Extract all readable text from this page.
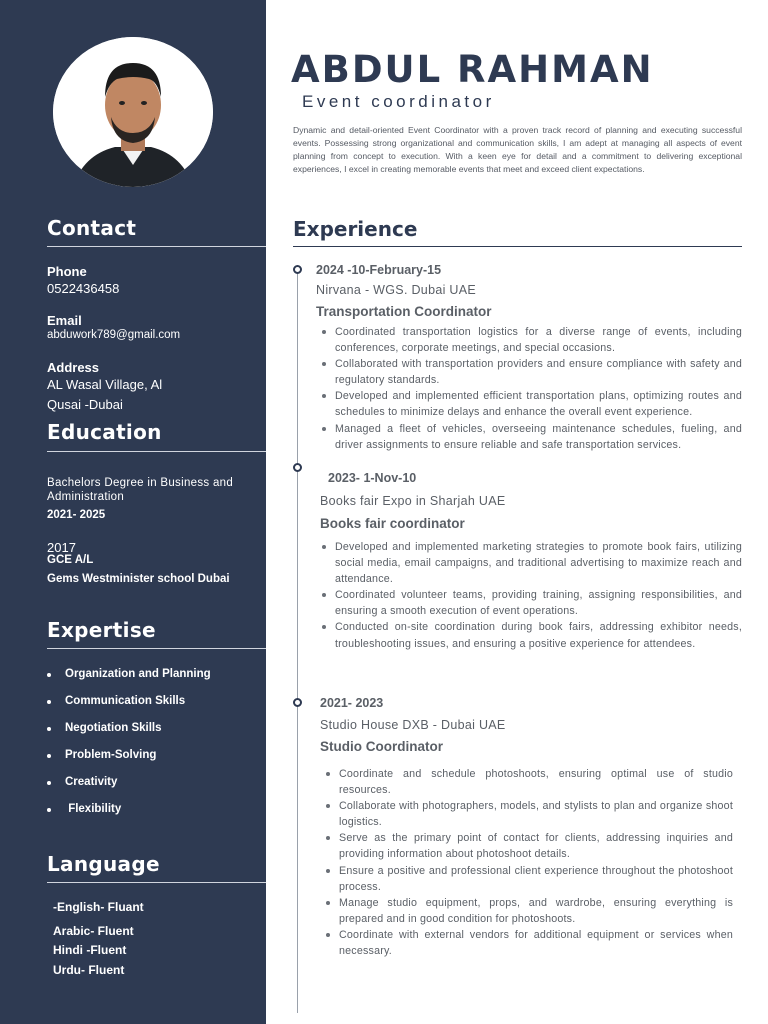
Contact
Phone
0522436458
Email
abduwork789@gmail.com
Address
AL Wasal Village, Al
Qusai -Dubai
Education
Bachelors Degree in Business and Administration
2021- 2025
2017
GCE A/L
Gems Westminister school Dubai
Expertise
Organization and Planning
Communication Skills
Negotiation Skills
Problem-Solving
Creativity
Flexibility
Language
-English- Fluant
Arabic- Fluent
Hindi -Fluent
Urdu- Fluent
ABDUL RAHMAN
Event coordinator

Dynamic and detail-oriented Event Coordinator with a proven track record of planning and executing successful events. Possessing strong organizational and communication skills, I am adept at managing all aspects of event planning from concept to execution. With a keen eye for detail and a commitment to delivering exceptional experiences, I excel in creating memorable events that meet and exceed client expectations.

Experience
2024 -10-February-15
Nirvana - WGS. Dubai UAE
Transportation Coordinator
Coordinated transportation logistics for a diverse range of events, including conferences, corporate meetings, and special occasions.
Collaborated with transportation providers and ensure compliance with safety and regulatory standards.
Developed and implemented efficient transportation plans, optimizing routes and schedules to minimize delays and enhance the overall event experience.
Managed a fleet of vehicles, overseeing maintenance schedules, fueling, and driver assignments to ensure reliable and safe transportation services.
2023- 1-Nov-10
Books fair Expo in Sharjah UAE
Books fair coordinator
Developed and implemented marketing strategies to promote book fairs, utilizing social media, email campaigns, and traditional advertising to maximize reach and attendance.
Coordinated volunteer teams, providing training, assigning responsibilities, and ensuring a smooth execution of event operations.
Conducted on-site coordination during book fairs, addressing exhibitor needs, troubleshooting issues, and ensuring a positive experience for attendees.
2021- 2023
Studio House DXB - Dubai UAE
Studio Coordinator
Coordinate and schedule photoshoots, ensuring optimal use of studio resources.
Collaborate with photographers, models, and stylists to plan and organize shoot logistics.
Serve as the primary point of contact for clients, addressing inquiries and providing information about photoshoot details.
Ensure a positive and professional client experience throughout the photoshoot process.
Manage studio equipment, props, and wardrobe, ensuring everything is prepared and in good condition for photoshoots.
Coordinate with external vendors for additional equipment or services when necessary.
